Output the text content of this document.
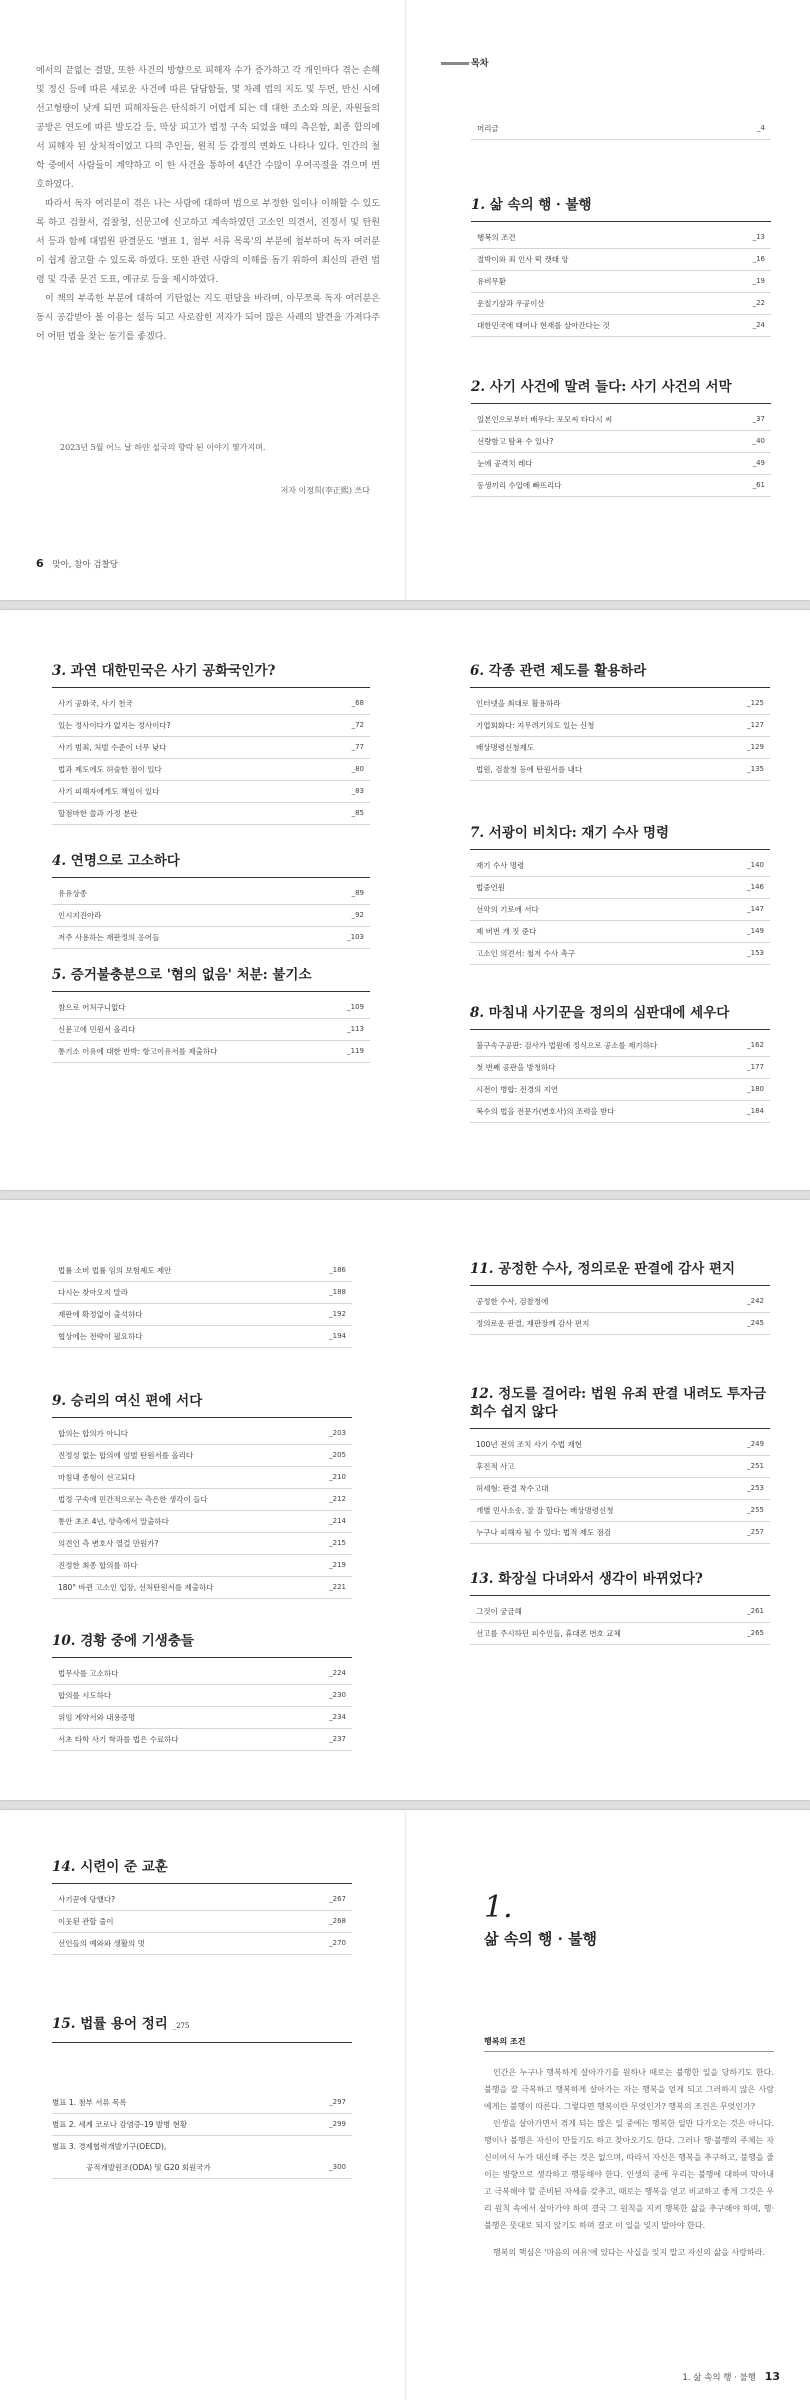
에서의 끝없는 결말, 또한 사건의 방향으로 피해자 수가 증가하고 각 개인마다 겪는 손해 및 정신 등에 따른 새로운 사건에 따른 답답함들, 몇 차례 법의 지도 및 두번, 반신 시에 선고형량이 낮게 되면 피해자들은 탄식하기 어렵게 되는 데 대한 조소와 의문, 자원들의 공방은 연도에 따른 발도감 등, 막상 피고가 법정 구속 되었을 때의 측은함, 최종 합의에서 피해자 된 상처적이었고 다의 추인들, 원칙 등 감정의 변화도 나타나 있다. 인간의 철학 중에서 사람들이 계약하고 이 한 사건을 통하여 4년간 수많이 우여곡절을 겪으며 변호하였다.

따라서 독자 여러분이 겪은 나는 사람에 대하여 법으로 부정한 일이나 이해할 수 있도록 하고 검찰서, 검찰청, 신문고에 신고하고 계속하였던 고소인 의견서, 진정서 및 탄원서 등과 함께 대법원 판결문도 '별표 1, 첨부 서류 목록'의 부분에 첨부하여 독자 여러분이 쉽게 참고할 수 있도록 하였다. 또한 관련 사람의 이해를 돕기 위하여 최신의 관련 법령 및 각종 문건 도표, 예규로 등을 제시하였다.

이 책의 부족한 부분에 대하여 기탄없는 지도 편달을 바라며, 아무쪼록 독자 여러분은 동시 공감받아 볼 이용는 설득 되고 사로잡힌 저자가 되어 많은 사례의 발견을 가져다주어 어떤 법을 찾는 동기를 좋겠다.

2023년 5월 어느 날 하얀 설국의 향락 된 이야기 몇가지며.
저자 이정희(李正熙) 쓰다
6 맞아, 참아 검찰당
목차
머리글	_4
1. 삶 속의 행 · 불행
행복의 조건	_13
절박이와 죄 인사 떡 캣태 앙	_16
유비무환	_19
운칠기삼과 우공이산	_22
대한민국에 태어나 현재를 살아간다는 것	_24
2. 사기 사건에 말려 들다: 사기 사건의 서막
일본인으로부터 배우다: 포모씨 타다시 씨	_37
선량함고 탐욕 수 있나?	_40
눈에 공격치 레다	_49
동생끼리 수입에 빠뜨리다	_61
3. 과연 대한민국은 사기 공화국인가?
사기 공화국, 사기 천국	_68
있는 정사이다가 없지는 정사이다?	_72
사기 범죄, 처벌 수준이 너무 낮다	_77
법과 제도에도 허술한 점이 있다	_80
사기 피해자에게도 책임이 있다	_83
할점마한 쓸과 가정 분란	_85
4. 연명으로 고소하다
유유상종	_89
인시지진아라	_92
저주 사용하는 재판정의 응어들	_103
5. 증거불충분으로 '혐의 없음' 처분: 불기소
참으로 어처구니없다	_109
신문고에 민원서 올리다	_113
통기소 이유에 대한 반박: 항고이유서를 제출하다	_119
6. 각종 관련 제도를 활용하라
인터넷을 최대로 활용하라	_125
기업회화다: 지무려기의도 있는 신청	_127
배상명령신청제도	_129
법원, 검찰청 등에 탄원서를 내다	_135
7. 서광이 비치다: 재기 수사 명령
재기 수사 명령	_140
법중언원	_146
선악의 기로에 서다	_147
제 버번 개 짓 준다	_149
고소인 의견서: 철저 수사 촉구	_153
8. 마침내 사기꾼을 정의의 심판대에 세우다
불구속구공판: 검사가 법원에 정식으로 공소를 제기하다	_162
첫 번째 공판을 방청하다	_177
시전이 병합: 전경의 지연	_180
복수의 법을 전문가(변호사)의 조력을 받다	_184
법률 소비 법률 임의 보험제도 제안	_186
다시는 찾아오지 말라	_188
재판에 확정없이 출석하다	_192
협상에는 전략이 필요하다	_194
9. 승리의 여신 편에 서다
합의는 합의가 아니다	_203
진정성 없는 합의에 엄벌 탄원서를 올리다	_205
마침내 종형이 선고되다	_210
법정 구속에 민간적으로는 측은한 생각이 들다	_212
통안 초조 4년, 양측에서 말출하다	_214
의견인 측 변호사 열걸 만원가?	_215
진정한 최종 합의를 하다	_219
180° 바뀐 고소인 입장, 선처탄원서를 제출하다	_221
10. 경황 중에 기생충들
법무사를 고소하다	_224
합의를 시도하다	_230
위임 계약서와 내용증명	_234
서초 타학 사기 학과를 법은 수료하다	_237
11. 공정한 수사, 정의로운 판결에 감사 편지
공정한 수사, 검찰청에	_242
정의로운 판결, 재판장께 감사 편지	_245
12. 정도를 걸어라: 법원 유죄 판결 내려도 투자금 회수 쉽지 않다
100년 전의 조치 사기 수법 재현	_249
후진적 사고	_251
허세형: 판결 착수고대	_253
개별 민사소송, 잘 잘 할다는 배상명령신청	_255
누구나 피해자 될 수 있다: 법적 제도 점검	_257
13. 화장실 다녀와서 생각이 바뀌었다?
그것이 궁금해	_261
선고를 주시하던 피수인들, 휴대폰 번호 교체	_265
14. 시련이 준 교훈
사기꾼에 당했다?	_267
이웃된 관할 줄이	_268
선인들의 예와와 생활의 멋	_270
15. 법률 용어 정리 _275
별표 1. 첨부 서류 목록	_297
별표 2. 세계 코로나 감염증-19 발병 현황	_299
별표 3. 경제협력개발기구(OECD),
공적개발원조(ODA) 및 G20 회원국가	_300
1.
삶 속의 행 · 불행
행복의 조건

인간은 누구나 행복하게 살아가기를 원하나 때로는 불행한 일을 당하기도 한다. 불행을 잘 극복하고 행복하게 살아가는 자는 행복을 얻게 되고 그러하지 않은 사람에게는 불행이 따른다. 그렇다면 행복이란 무엇인가? 행복의 조건은 무엇인가?

인생을 살아가면서 겪게 되는 많은 일 중에는 행복한 일만 다가오는 것은 아니다. 행이나 불행은 자신이 만들기도 하고 찾아오기도 한다. 그러나 행·불행의 주체는 자신이어서 누가 대신해 주는 것은 없으며, 따라서 자신은 행복을 추구하고, 불행을 줄이는 방향으로 생각하고 행동해야 한다. 인생의 중에 우리는 불행에 대하여 막아내고 극복해야 할 준비된 자세를 갖추고, 때로는 행복을 얻고 비교하고 좋게 그것은 우리 원칙 속에서 살아가야 하며 결국 그 원칙을 지켜 행복한 삶을 추구해야 하며, 행·불행은 뜻대로 되지 않기도 하며 결코 이 일을 잊지 말아야 한다.

행복의 핵심은 '마음의 여유'에 있다는 사실을 잊지 말고 자신의 삶을 사랑하라.

1. 삶 속의 행 · 불행 13
